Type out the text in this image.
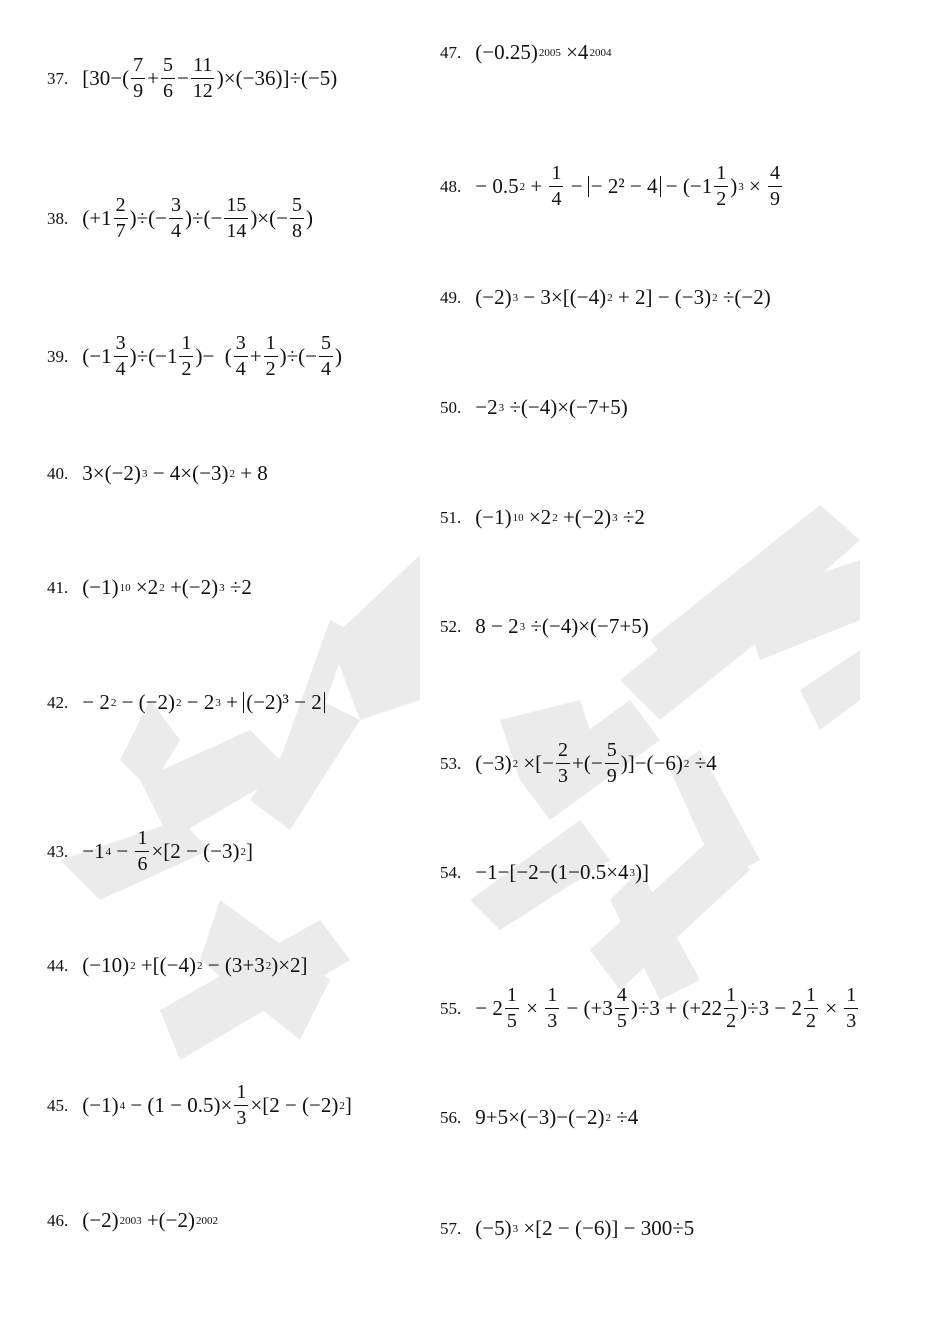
37. [30 −( $\frac{7}{9} + \frac{5}{6} - \frac{11}{12} )\times(-36)]\div(-5)$
38. (+ $1 \frac{2}{7}$ )÷(− $\frac{3}{4}$ )÷(− $\frac{15}{14}$ )×(− $\frac{5}{8}$ )
39. (− $1 \frac{3}{4}$ )÷(− $1 \frac{1}{2}$ )−  ( $\frac{3}{4} + \frac{1}{2}$ )÷(− $\frac{5}{4}$ )
40. 3×(−2) 3 − 4×(−3) 2 + 8
41. (−1) 10 ×2 2 +(−2) 3 ÷2
42. − 2 2 − (−2) 2 − 2 3 + (−2)³ − 2
43. −1 $4 - \frac{1}{6} \times[2 - (-3)$ 2 ]
44. (−10) 2 +[(−4) 2 − (3+3 2 )×2]
45. (−1) $4 - (1 - 0.5)\times \frac{1}{3} \times[2 - (-2)$ 2 ]
46. (−2) 2003 +(−2) 2002
47. (−0.25) 2005 ×4 2004
48. − 0.5 $2 + \frac{1}{4}$ − − 2² − 4 − (− $1 \frac{1}{2}$ ) $3 \times \frac{4}{9}$
49. (−2) 3 − 3×[(−4) 2 + 2] − (−3) 2 ÷(−2)
50. −2 3 ÷(−4)×(−7+5)
51. (−1) 10 ×2 2 +(−2) 3 ÷2
52. 8 − 2 3 ÷(−4)×(−7+5)
53. (−3) 2 ×[− $\frac{2}{3}$ +(− $\frac{5}{9} )]-(-6)$ 2 ÷4
54. −1−[−2−(1−0.5×4 3 )]
55. − $2 \frac{1}{5} \times \frac{1}{3}$ − (+ $3 \frac{4}{5} )\div 3$ + (+ $22 \frac{1}{2} )\div 3 - 2 \frac{1}{2} \times \frac{1}{3}$
56. 9+5×(−3)−(−2) 2 ÷4
57. (−5) 3 ×[2 − (−6)] − 300÷5
